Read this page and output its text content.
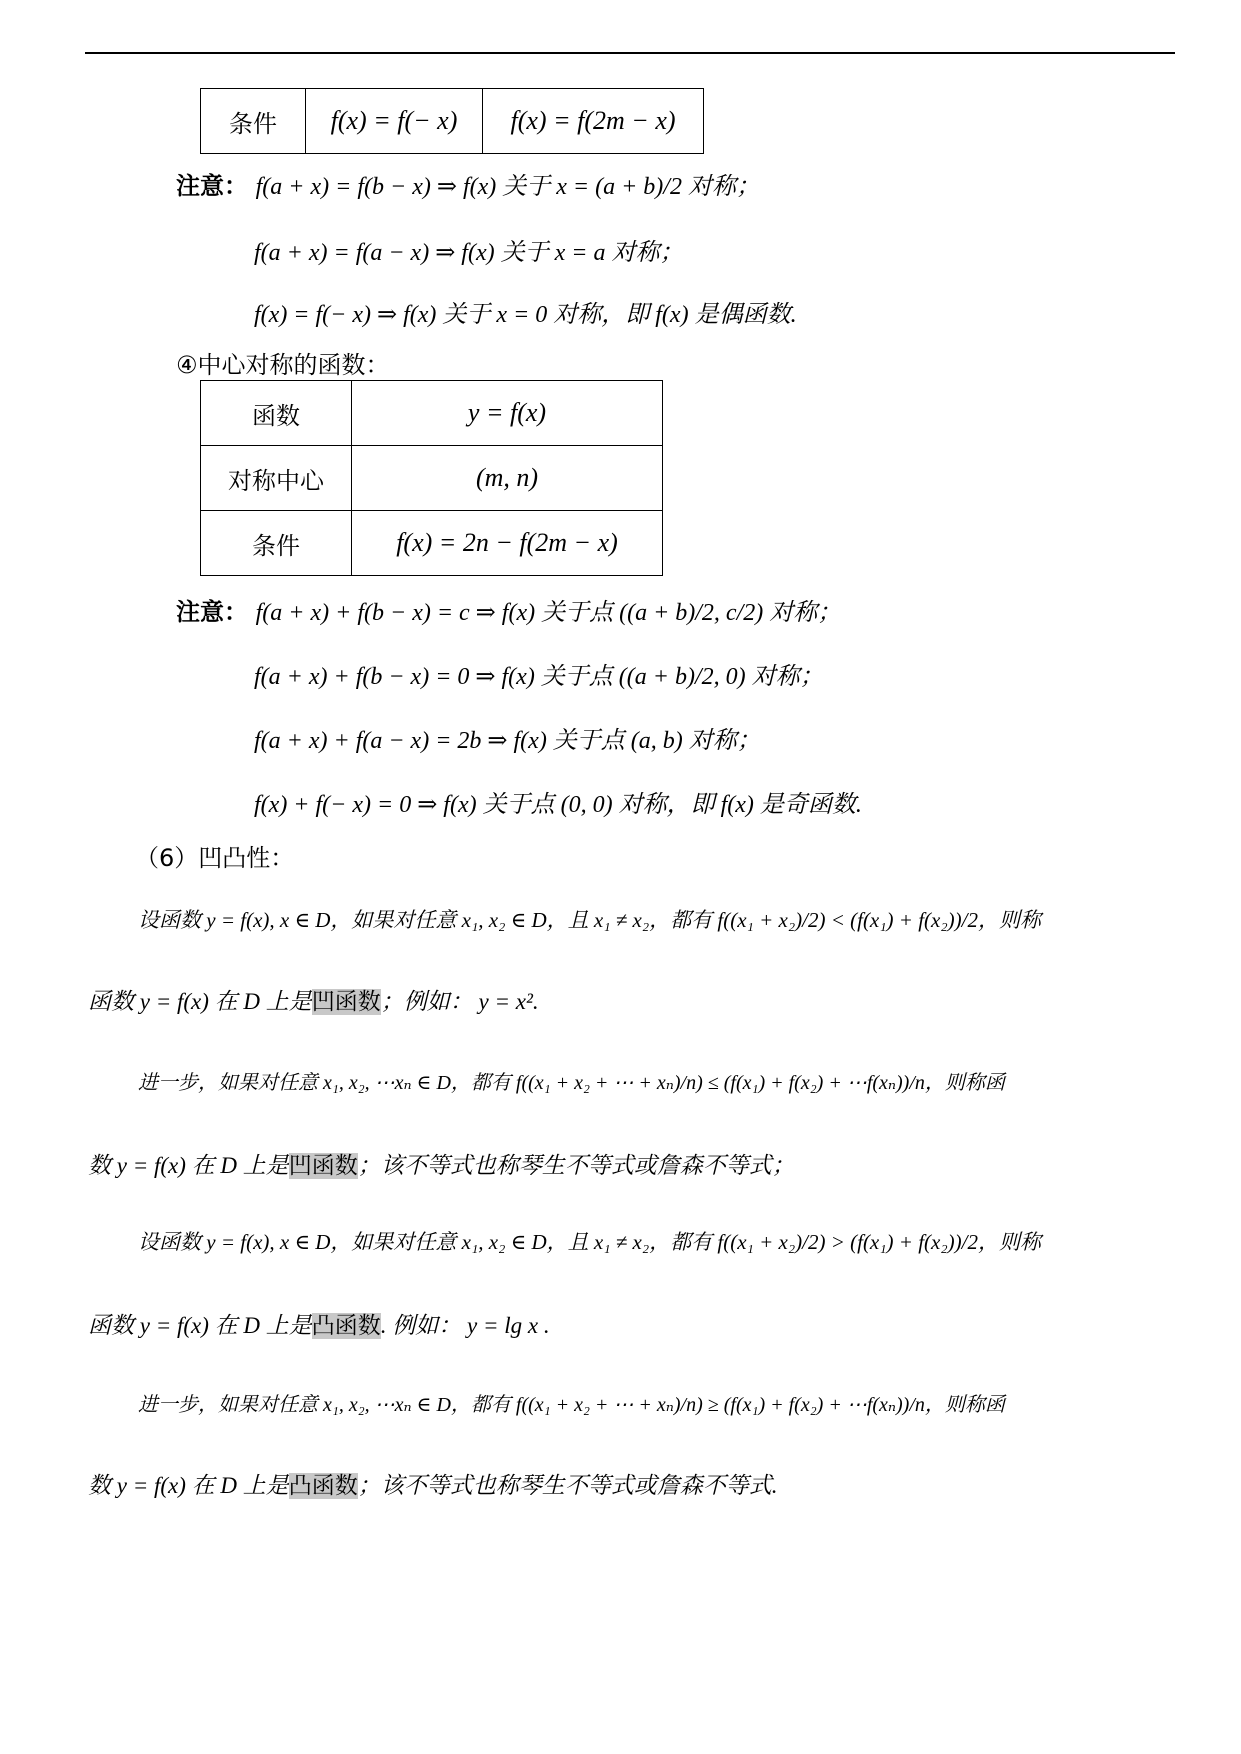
条件	f(x) = f(− x)	f(x) = f(2m − x)
注意： f(a + x) = f(b − x) ⇒ f(x) 关于 x = (a + b)/2 对称；
f(a + x) = f(a − x) ⇒ f(x) 关于 x = a 对称；
f(x) = f(− x) ⇒ f(x) 关于 x = 0 对称，即 f(x) 是偶函数.
④中心对称的函数：
函数	y = f(x)
对称中心	(m, n)
条件	f(x) = 2n − f(2m − x)
注意： f(a + x) + f(b − x) = c ⇒ f(x) 关于点 ((a + b)/2, c/2) 对称；
f(a + x) + f(b − x) = 0 ⇒ f(x) 关于点 ((a + b)/2, 0) 对称；
f(a + x) + f(a − x) = 2b ⇒ f(x) 关于点 (a, b) 对称；
f(x) + f(− x) = 0 ⇒ f(x) 关于点 (0, 0) 对称，即 f(x) 是奇函数.
（6）凹凸性：
设函数 y = f(x), x ∈ D，如果对任意 x₁, x₂ ∈ D，且 x₁ ≠ x₂，都有 f((x₁ + x₂)/2) < (f(x₁) + f(x₂))/2，则称
函数 y = f(x) 在 D 上是凹函数；例如： y = x².
进一步，如果对任意 x₁, x₂, ⋯xₙ ∈ D，都有 f((x₁ + x₂ + ⋯ + xₙ)/n) ≤ (f(x₁) + f(x₂) + ⋯f(xₙ))/n，则称函
数 y = f(x) 在 D 上是凹函数；该不等式也称琴生不等式或詹森不等式；
设函数 y = f(x), x ∈ D，如果对任意 x₁, x₂ ∈ D，且 x₁ ≠ x₂，都有 f((x₁ + x₂)/2) > (f(x₁) + f(x₂))/2，则称
函数 y = f(x) 在 D 上是凸函数. 例如： y = lg x .
进一步，如果对任意 x₁, x₂, ⋯xₙ ∈ D，都有 f((x₁ + x₂ + ⋯ + xₙ)/n) ≥ (f(x₁) + f(x₂) + ⋯f(xₙ))/n，则称函
数 y = f(x) 在 D 上是凸函数；该不等式也称琴生不等式或詹森不等式.
